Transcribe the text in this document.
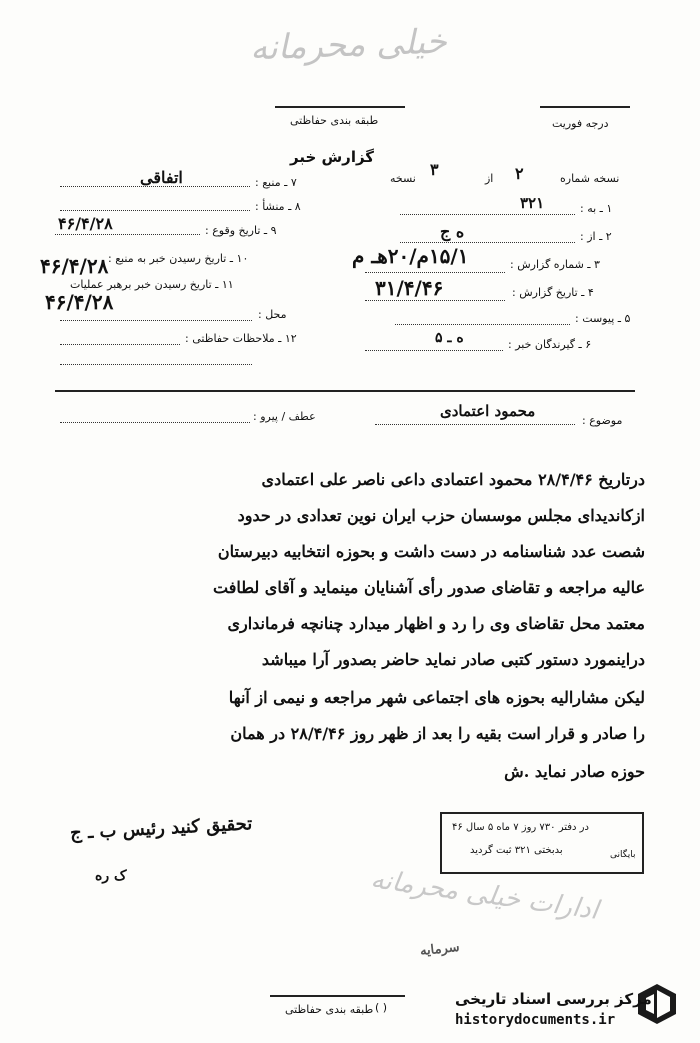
خیلی محرمانه
طبقه بندی حفاظتی	درجه فوریت
گزارش خبر
نسخه شماره
۲
از
۳
نسخه
۱ ـ به :
۳۲۱
۲ ـ از :
ه ج
۳ ـ شماره گزارش :
۱۵/۱م/۲۰هـ م
۴ ـ تاریخ گزارش :
۳۱/۴/۴۶
۵ ـ پیوست :
۶ ـ گیرندگان خبر :
ه ـ ۵
۷ ـ منبع :
اتفاقی
۸ ـ منشأ :
۹ ـ تاریخ وقوع :
۴۶/۴/۲۸
۱۰ ـ تاریخ رسیدن خبر به منبع :
۴۶/۴/۲۸
۱۱ ـ تاریخ رسیدن خبر برهبر عملیات
۴۶/۴/۲۸
محل :
۱۲ ـ ملاحظات حفاظتی :
موضوع :
محمود اعتمادی
عطف / پیرو :
درتاریخ ۲۸/۴/۴۶ محمود اعتمادی داعی ناصر علی اعتمادی
ازکاندیدای مجلس موسسان حزب ایران نوین تعدادی در حدود
شصت عدد شناسنامه در دست داشت و بحوزه انتخابیه دبیرستان
عالیه مراجعه و تقاضای صدور رأی آشنایان مینماید و آقای لطافت
معتمد محل تقاضای وی را رد و اظهار میدارد چنانچه فرمانداری
دراینمورد دستور کتبی صادر نماید حاضر بصدور آرا میباشد
لیکن مشارالیه بحوزه های اجتماعی شهر مراجعه و نیمی از آنها
را صادر و قرار است بقیه را بعد از ظهر روز ۲۸/۴/۴۶ در همان
حوزه صادر نماید .ش
تحقیق کنید رئیس ب ـ ج
ک ره
در دفتر ۷۳۰ روز ۷ ماه ۵ سال ۴۶
بدبختی ۳۲۱ ثبت گردید	بایگانی
ادارات خیلی محرمانه
سرمایه
( )
طبقه بندی حفاظتی
مرکز بررسی اسناد تاریخی
historydocuments.ir
